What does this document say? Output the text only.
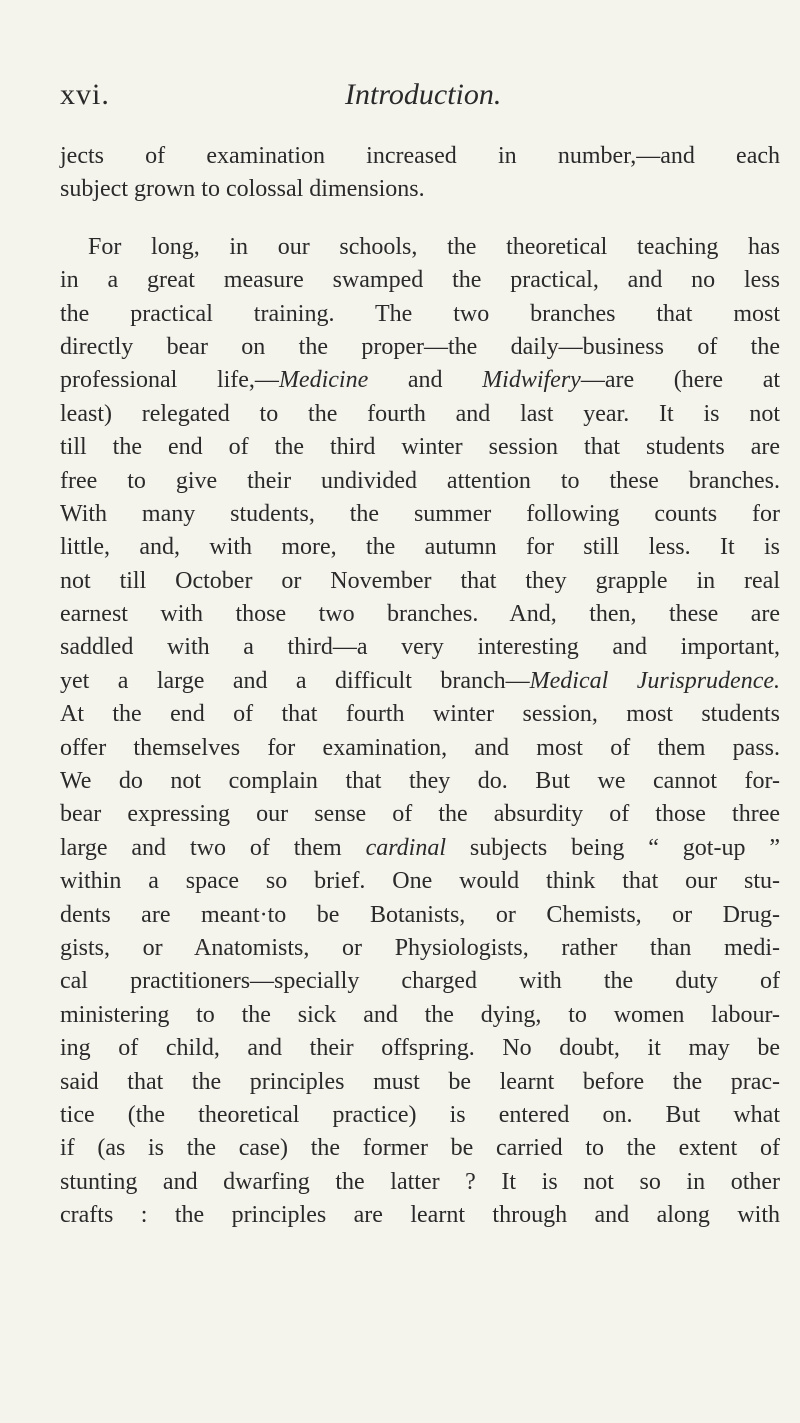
xvi.	Introduction.
jects of examination increased in number,—and each
subject grown to colossal dimensions.
For long, in our schools, the theoretical teaching has
in a great measure swamped the practical, and no less
the practical training. The two branches that most
directly bear on the proper—the daily—business of the
professional life,—Medicine and Midwifery—are (here at
least) relegated to the fourth and last year. It is not
till the end of the third winter session that students are
free to give their undivided attention to these branches.
With many students, the summer following counts for
little, and, with more, the autumn for still less. It is
not till October or November that they grapple in real
earnest with those two branches. And, then, these are
saddled with a third—a very interesting and important,
yet a large and a difficult branch—Medical Jurisprudence.
At the end of that fourth winter session, most students
offer themselves for examination, and most of them pass.
We do not complain that they do. But we cannot for-
bear expressing our sense of the absurdity of those three
large and two of them cardinal subjects being “ got-up ”
within a space so brief. One would think that our stu-
dents are meant·to be Botanists, or Chemists, or Drug-
gists, or Anatomists, or Physiologists, rather than medi-
cal practitioners—specially charged with the duty of
ministering to the sick and the dying, to women labour-
ing of child, and their offspring. No doubt, it may be
said that the principles must be learnt before the prac-
tice (the theoretical practice) is entered on. But what
if (as is the case) the former be carried to the extent of
stunting and dwarfing the latter ? It is not so in other
crafts : the principles are learnt through and along with
